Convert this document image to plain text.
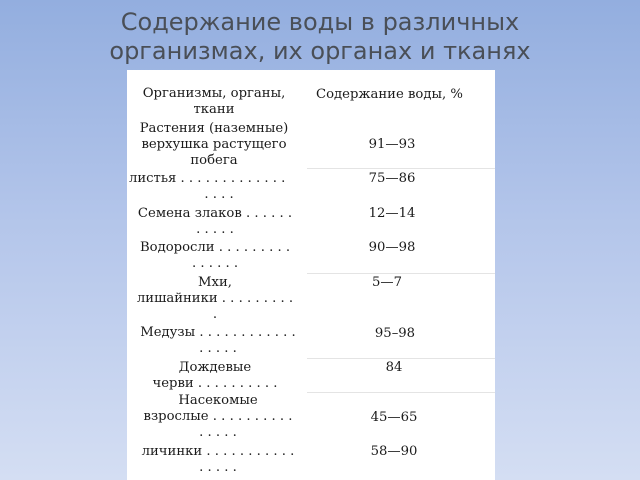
Содержание воды в различных
организмах, их органах и тканях
Организмы, органы,
ткани
Содержание воды, %
Растения (наземные)
верхушка растущего
побега
91—93
листья . . . . . . . . . . . . .
. . . .
75—86
Семена злаков . . . . . .
. . . . .
12—14
Водоросли . . . . . . . . .
. . . . . .
90—98
Мхи,
лишайники . . . . . . . . .
.
5—7
Медузы . . . . . . . . . . . .
. . . . .
95–98
Дождевые
черви . . . . . . . . . .
84
Насекомые
взрослые . . . . . . . . . .
. . . . .
45—65
личинки . . . . . . . . . . .
. . . . .
58—90
